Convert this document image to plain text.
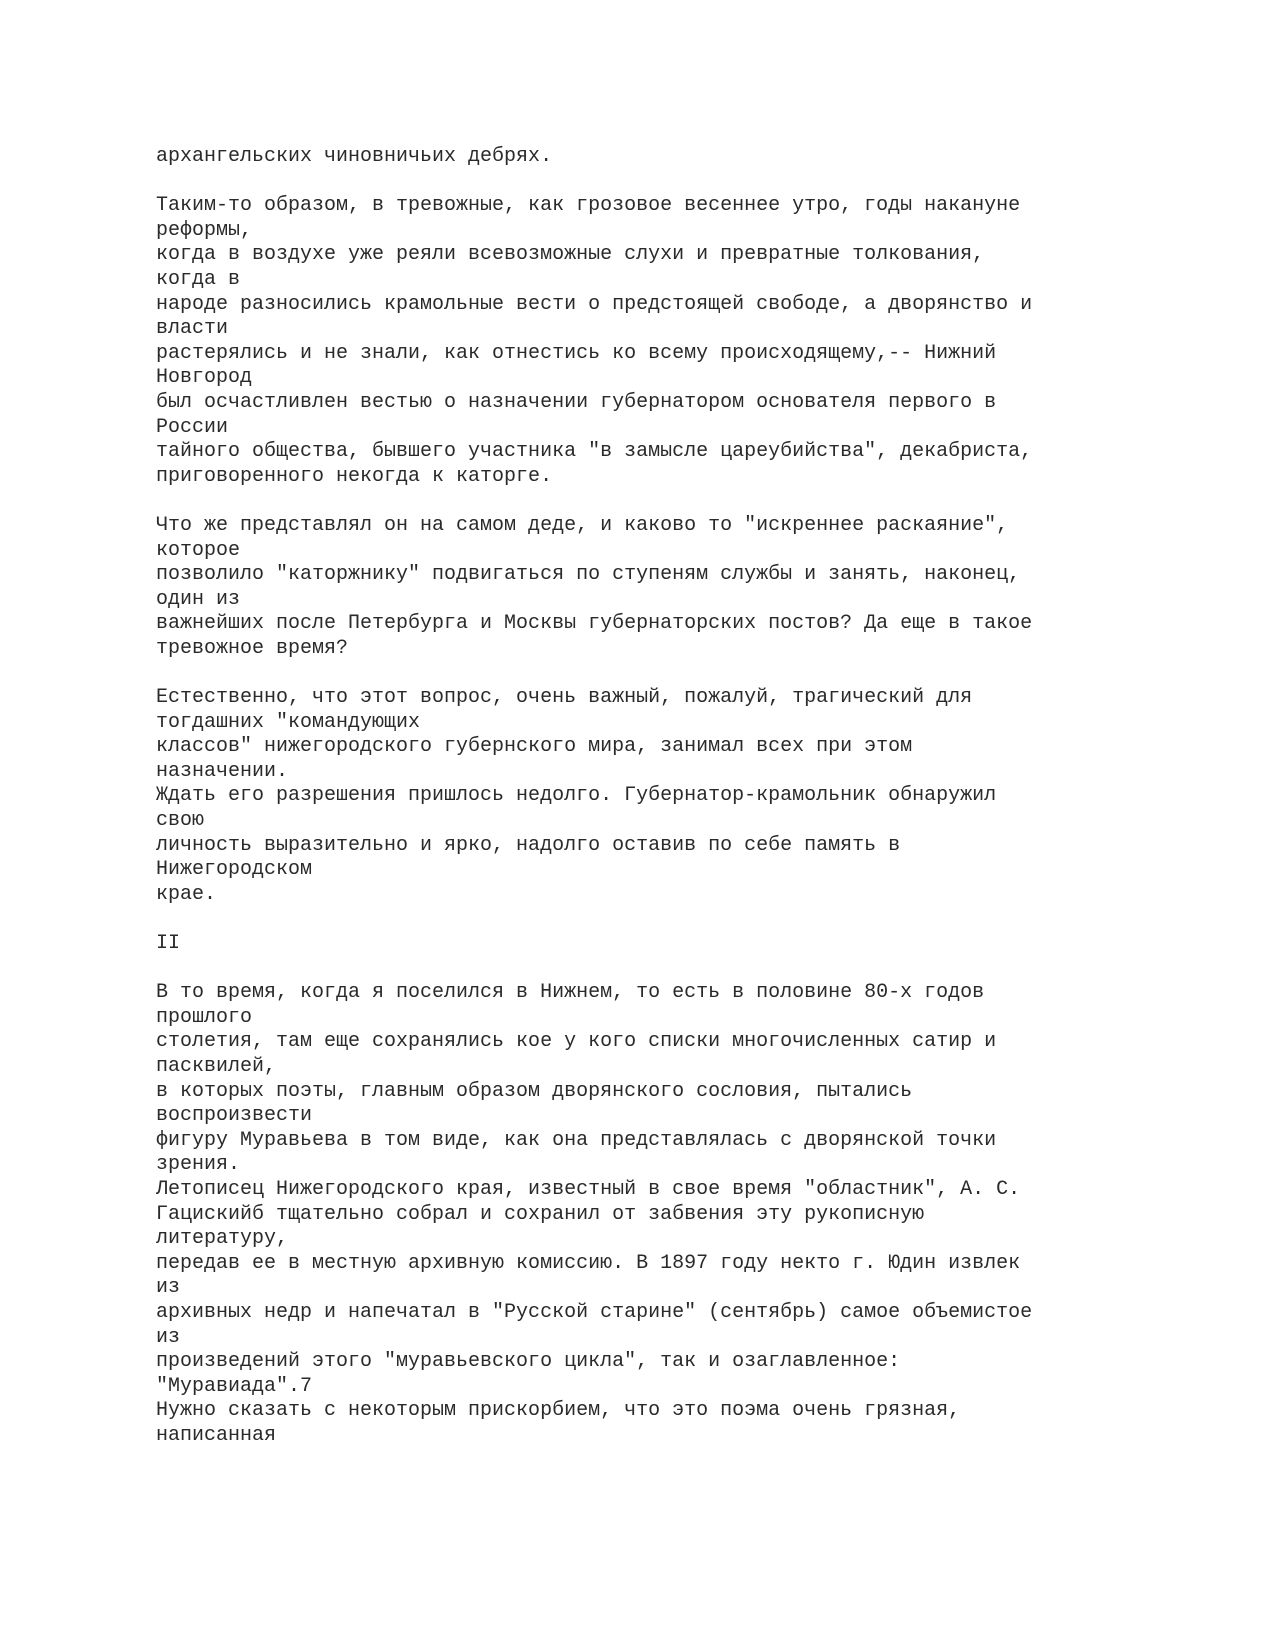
архангельских чиновничьих дебрях.
Таким-то образом, в тревожные, как грозовое весеннее утро, годы накануне
реформы,
когда в воздухе уже реяли всевозможные слухи и превратные толкования,
когда в
народе разносились крамольные вести о предстоящей свободе, а дворянство и
власти
растерялись и не знали, как отнестись ко всему происходящему,-- Нижний
Новгород
был осчастливлен вестью о назначении губернатором основателя первого в
России
тайного общества, бывшего участника "в замысле цареубийства", декабриста,
приговоренного некогда к каторге.
Что же представлял он на самом деде, и каково то "искреннее раскаяние",
которое
позволило "каторжнику" подвигаться по ступеням службы и занять, наконец,
один из
важнейших после Петербурга и Москвы губернаторских постов? Да еще в такое
тревожное время?
Естественно, что этот вопрос, очень важный, пожалуй, трагический для
тогдашних "командующих
классов" нижегородского губернского мира, занимал всех при этом
назначении.
Ждать его разрешения пришлось недолго. Губернатор-крамольник обнаружил
свою
личность выразительно и ярко, надолго оставив по себе память в
Нижегородском
крае.
II
В то время, когда я поселился в Нижнем, то есть в половине 80-х годов
прошлого
столетия, там еще сохранялись кое у кого списки многочисленных сатир и
пасквилей,
в которых поэты, главным образом дворянского сословия, пытались
воспроизвести
фигуру Муравьева в том виде, как она представлялась с дворянской точки
зрения.
Летописец Нижегородского края, известный в свое время "областник", А. С.
Гацискийб тщательно собрал и сохранил от забвения эту рукописную
литературу,
передав ее в местную архивную комиссию. В 1897 году некто г. Юдин извлек
из
архивных недр и напечатал в "Русской старине" (сентябрь) самое объемистое
из
произведений этого "муравьевского цикла", так и озаглавленное:
"Муравиада".7
Нужно сказать с некоторым прискорбием, что это поэма очень грязная,
написанная
